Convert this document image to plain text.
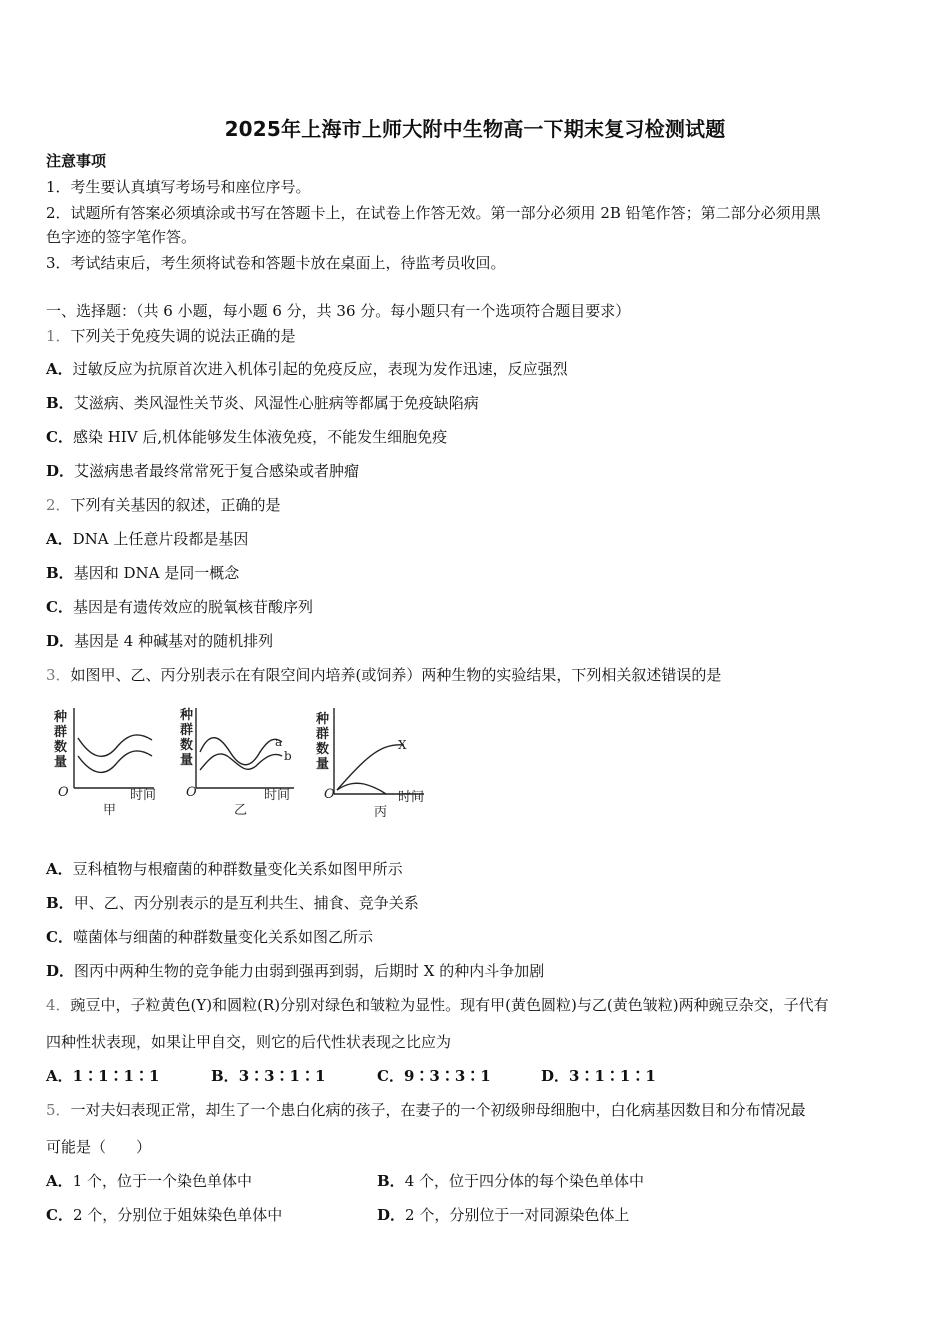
2025年上海市上师大附中生物高一下期末复习检测试题
注意事项
1．考生要认真填写考场号和座位序号。
2．试题所有答案必须填涂或书写在答题卡上，在试卷上作答无效。第一部分必须用 2B 铅笔作答；第二部分必须用黑
色字迹的签字笔作答。
3．考试结束后，考生须将试卷和答题卡放在桌面上，待监考员收回。
一、选择题：（共 6 小题，每小题 6 分，共 36 分。每小题只有一个选项符合题目要求）
1．下列关于免疫失调的说法正确的是
A．过敏反应为抗原首次进入机体引起的免疫反应，表现为发作迅速，反应强烈
B．艾滋病、类风湿性关节炎、风湿性心脏病等都属于免疫缺陷病
C．感染 HIV 后,机体能够发生体液免疫，不能发生细胞免疫
D．艾滋病患者最终常常死于复合感染或者肿瘤
2．下列有关基因的叙述，正确的是
A．DNA 上任意片段都是基因
B．基因和 DNA 是同一概念
C．基因是有遗传效应的脱氧核苷酸序列
D．基因是 4 种碱基对的随机排列
3．如图甲、乙、丙分别表示在有限空间内培养(或饲养）两种生物的实验结果，下列相关叙述错误的是
种
群
数
量
种
群
数
量
种
群
数
量
时间	时间	时间
O	O	O
a
b
X
甲	乙	丙
A．豆科植物与根瘤菌的种群数量变化关系如图甲所示
B．甲、乙、丙分别表示的是互利共生、捕食、竞争关系
C．噬菌体与细菌的种群数量变化关系如图乙所示
D．图丙中两种生物的竞争能力由弱到强再到弱，后期时 X 的种内斗争加剧
4．豌豆中，子粒黄色(Y)和圆粒(R)分别对绿色和皱粒为显性。现有甲(黄色圆粒)与乙(黄色皱粒)两种豌豆杂交，子代有
四种性状表现，如果让甲自交，则它的后代性状表现之比应为
A．1∶1∶1∶1	B．3∶3∶1∶1	C．9∶3∶3∶1	D．3∶1∶1∶1
5．一对夫妇表现正常，却生了一个患白化病的孩子，在妻子的一个初级卵母细胞中，白化病基因数目和分布情况最
可能是（　　）
A．1 个，位于一个染色单体中	B．4 个，位于四分体的每个染色单体中
C．2 个，分别位于姐妹染色单体中	D．2 个，分别位于一对同源染色体上
